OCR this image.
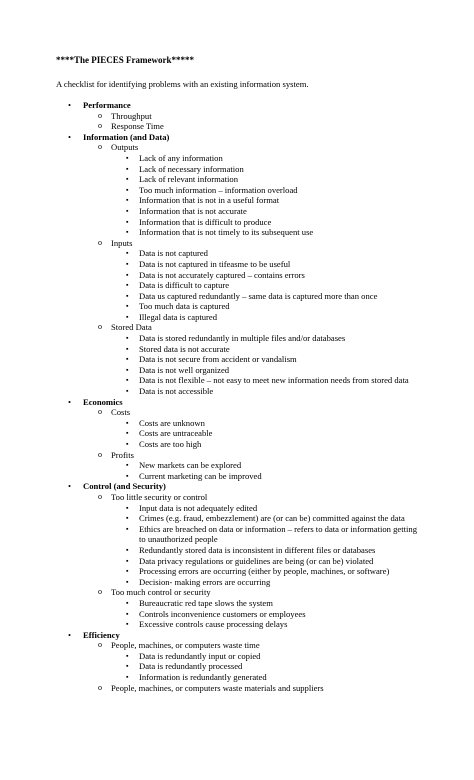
****The PIECES Framework*****
A checklist for identifying problems with an existing information system.
• Performance
o Throughput
o Response Time
• Information (and Data)
o Outputs
▪ Lack of any information
▪ Lack of necessary information
▪ Lack of relevant information
▪ Too much information – information overload
▪ Information that is not in a useful format
▪ Information that is not accurate
▪ Information that is difficult to produce
▪ Information that is not timely to its subsequent use
o Inputs
▪ Data is not captured
▪ Data is not captured in tifeasme to be useful
▪ Data is not accurately captured – contains errors
▪ Data is difficult to capture
▪ Data us captured redundantly – same data is captured more than once
▪ Too much data is captured
▪ Illegal data is captured
o Stored Data
▪ Data is stored redundantly in multiple files and/or databases
▪ Stored data is not accurate
▪ Data is not secure from accident or vandalism
▪ Data is not well organized
▪ Data is not flexible – not easy to meet new information needs from stored data
▪ Data is not accessible
• Economics
o Costs
▪ Costs are unknown
▪ Costs are untraceable
▪ Costs are too high
o Profits
▪ New markets can be explored
▪ Current marketing can be improved
• Control (and Security)
o Too little security or control
▪ Input data is not adequately edited
▪ Crimes (e.g. fraud, embezzlement) are (or can be) committed against the data
▪ Ethics are breached on data or information – refers to data or information getting to unauthorized people
▪ Redundantly stored data is inconsistent in different files or databases
▪ Data privacy regulations or guidelines are being (or can be) violated
▪ Processing errors are occurring (either by people, machines, or software)
▪ Decision- making errors are occurring
o Too much control or security
▪ Bureaucratic red tape slows the system
▪ Controls inconvenience customers or employees
▪ Excessive controls cause processing delays
• Efficiency
o People, machines, or computers waste time
▪ Data is redundantly input or copied
▪ Data is redundantly processed
▪ Information is redundantly generated
o People, machines, or computers waste materials and suppliers
